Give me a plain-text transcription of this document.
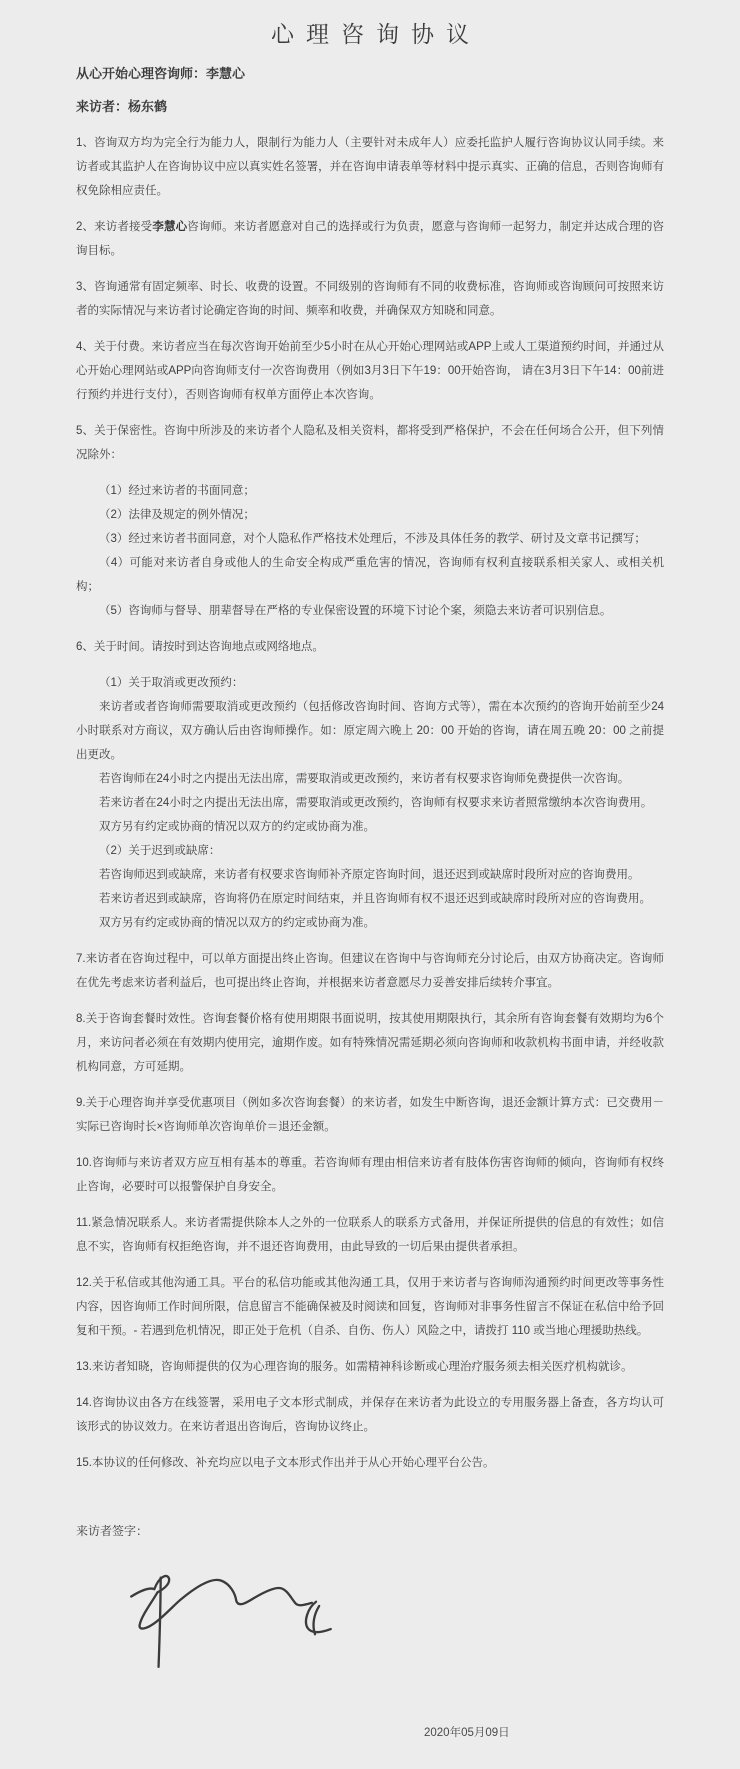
心理咨询协议
从心开始心理咨询师：李慧心
来访者：杨东鹤

1、咨询双方均为完全行为能力人，限制行为能力人（主要针对未成年人）应委托监护人履行咨询协议认同手续。来访者或其监护人在咨询协议中应以真实姓名签署，并在咨询申请表单等材料中提示真实、正确的信息，否则咨询师有权免除相应责任。

2、来访者接受李慧心咨询师。来访者愿意对自己的选择或行为负责，愿意与咨询师一起努力，制定并达成合理的咨询目标。

3、咨询通常有固定频率、时长、收费的设置。不同级别的咨询师有不同的收费标准，咨询师或咨询顾问可按照来访者的实际情况与来访者讨论确定咨询的时间、频率和收费，并确保双方知晓和同意。

4、关于付费。来访者应当在每次咨询开始前至少5小时在从心开始心理网站或APP上或人工渠道预约时间，并通过从心开始心理网站或APP向咨询师支付一次咨询费用（例如3月3日下午19：00开始咨询， 请在3月3日下午14：00前进行预约并进行支付），否则咨询师有权单方面停止本次咨询。

5、关于保密性。咨询中所涉及的来访者个人隐私及相关资料，都将受到严格保护，不会在任何场合公开，但下列情况除外：

（1）经过来访者的书面同意；

（2）法律及规定的例外情况；

（3）经过来访者书面同意，对个人隐私作严格技术处理后，不涉及具体任务的教学、研讨及文章书记撰写；

（4）可能对来访者自身或他人的生命安全构成严重危害的情况，咨询师有权利直接联系相关家人、或相关机构；

（5）咨询师与督导、朋辈督导在严格的专业保密设置的环境下讨论个案，须隐去来访者可识别信息。

6、关于时间。请按时到达咨询地点或网络地点。

（1）关于取消或更改预约：

来访者或者咨询师需要取消或更改预约（包括修改咨询时间、咨询方式等），需在本次预约的咨询开始前至少24小时联系对方商议，双方确认后由咨询师操作。如：原定周六晚上 20：00 开始的咨询，请在周五晚 20：00 之前提出更改。

若咨询师在24小时之内提出无法出席，需要取消或更改预约，来访者有权要求咨询师免费提供一次咨询。

若来访者在24小时之内提出无法出席，需要取消或更改预约，咨询师有权要求来访者照常缴纳本次咨询费用。

双方另有约定或协商的情况以双方的约定或协商为准。

（2）关于迟到或缺席：

若咨询师迟到或缺席，来访者有权要求咨询师补齐原定咨询时间，退还迟到或缺席时段所对应的咨询费用。

若来访者迟到或缺席，咨询将仍在原定时间结束，并且咨询师有权不退还迟到或缺席时段所对应的咨询费用。

双方另有约定或协商的情况以双方的约定或协商为准。

7.来访者在咨询过程中，可以单方面提出终止咨询。但建议在咨询中与咨询师充分讨论后，由双方协商决定。咨询师在优先考虑来访者利益后，也可提出终止咨询，并根据来访者意愿尽力妥善安排后续转介事宜。

8.关于咨询套餐时效性。咨询套餐价格有使用期限书面说明，按其使用期限执行，其余所有咨询套餐有效期均为6个月，来访问者必须在有效期内使用完，逾期作废。如有特殊情况需延期必须向咨询师和收款机构书面申请，并经收款机构同意，方可延期。

9.关于心理咨询并享受优惠项目（例如多次咨询套餐）的来访者，如发生中断咨询，退还金额计算方式：已交费用－实际已咨询时长×咨询师单次咨询单价＝退还金额。

10.咨询师与来访者双方应互相有基本的尊重。若咨询师有理由相信来访者有肢体伤害咨询师的倾向，咨询师有权终止咨询，必要时可以报警保护自身安全。

11.紧急情况联系人。来访者需提供除本人之外的一位联系人的联系方式备用，并保证所提供的信息的有效性；如信息不实，咨询师有权拒绝咨询，并不退还咨询费用，由此导致的一切后果由提供者承担。

12.关于私信或其他沟通工具。平台的私信功能或其他沟通工具，仅用于来访者与咨询师沟通预约时间更改等事务性内容，因咨询师工作时间所限，信息留言不能确保被及时阅读和回复，咨询师对非事务性留言不保证在私信中给予回复和干预。- 若遇到危机情况，即正处于危机（自杀、自伤、伤人）风险之中，请拨打 110 或当地心理援助热线。

13.来访者知晓，咨询师提供的仅为心理咨询的服务。如需精神科诊断或心理治疗服务须去相关医疗机构就诊。

14.咨询协议由各方在线签署，采用电子文本形式制成，并保存在来访者为此设立的专用服务器上备查，各方均认可该形式的协议效力。在来访者退出咨询后，咨询协议终止。

15.本协议的任何修改、补充均应以电子文本形式作出并于从心开始心理平台公告。

来访者签字：
2020年05月09日
